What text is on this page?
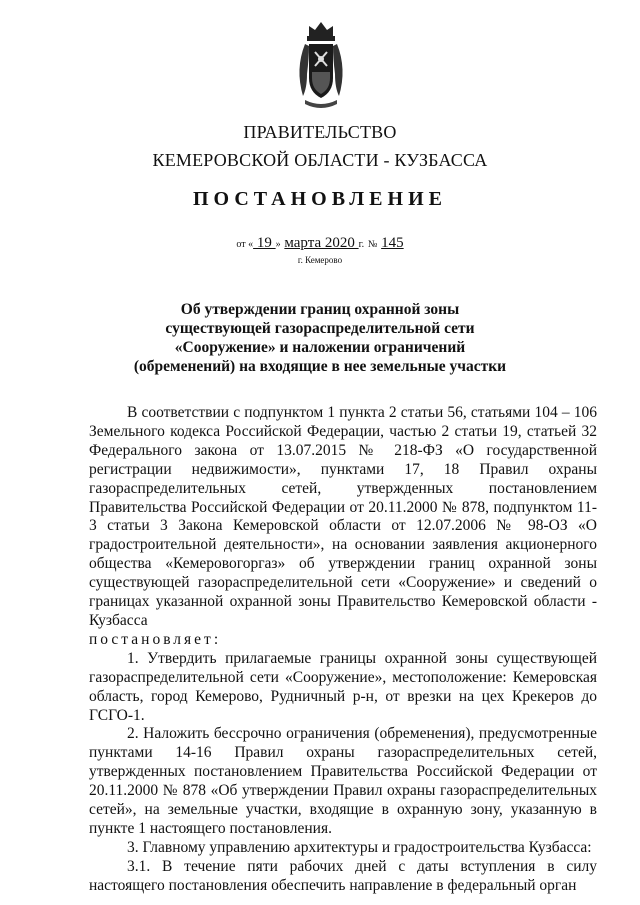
ПРАВИТЕЛЬСТВО
КЕМЕРОВСКОЙ ОБЛАСТИ - КУЗБАССА
ПОСТАНОВЛЕНИЕ
от « 19 » марта 2020 г. № 145
г. Кемерово
Об утверждении границ охранной зоны существующей газораспределительной сети «Сооружение» и наложении ограничений (обременений) на входящие в нее земельные участки

В соответствии с подпунктом 1 пункта 2 статьи 56, статьями 104 – 106 Земельного кодекса Российской Федерации, частью 2 статьи 19, статьей 32 Федерального закона от 13.07.2015 № 218-ФЗ «О государственной регистрации недвижимости», пунктами 17, 18 Правил охраны газораспределительных сетей, утвержденных постановлением Правительства Российской Федерации от 20.11.2000 № 878, подпунктом 11-3 статьи 3 Закона Кемеровской области от 12.07.2006 № 98-ОЗ «О градостроительной деятельности», на основании заявления акционерного общества «Кемеровогоргаз» об утверждении границ охранной зоны существующей газораспределительной сети «Сооружение» и сведений о границах указанной охранной зоны Правительство Кемеровской области - Кузбасса

постановляет:

1. Утвердить прилагаемые границы охранной зоны существующей газораспределительной сети «Сооружение», местоположение: Кемеровская область, город Кемерово, Рудничный р-н, от врезки на цех Крекеров до ГСГО-1.

2. Наложить бессрочно ограничения (обременения), предусмотренные пунктами 14-16 Правил охраны газораспределительных сетей, утвержденных постановлением Правительства Российской Федерации от 20.11.2000 № 878 «Об утверждении Правил охраны газораспределительных сетей», на земельные участки, входящие в охранную зону, указанную в пункте 1 настоящего постановления.

3. Главному управлению архитектуры и градостроительства Кузбасса:

3.1. В течение пяти рабочих дней с даты вступления в силу настоящего постановления обеспечить направление в федеральный орган
